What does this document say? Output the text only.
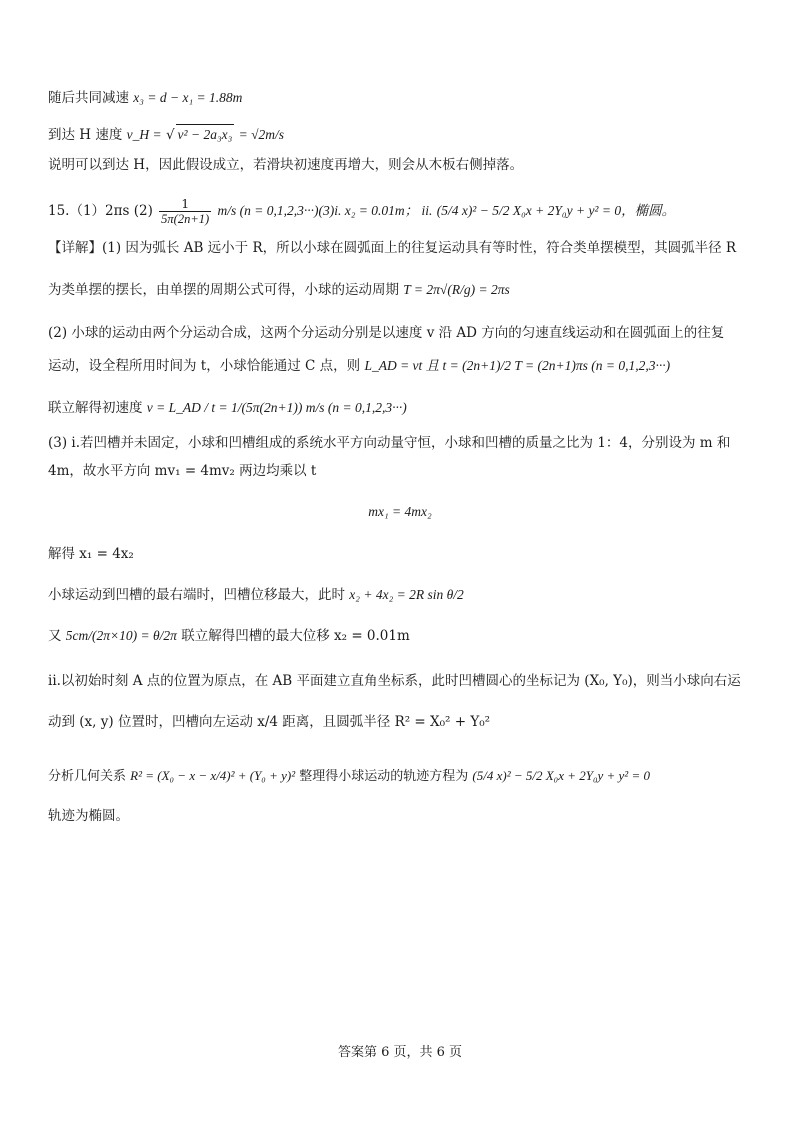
随后共同减速 x₃ = d − x₁ = 1.88m
到达 H 速度 v_H = √ v² − 2a₃x₃ = √2m/s
说明可以到达 H，因此假设成立，若滑块初速度再增大，则会从木板右侧掉落。
15.（1）2πs $(2) \frac{1}{5\pi(2n+1)} m/s$ (n = 0,1,2,3···)(3)i. x₂ = 0.01m； ii. (5/4 x)² − 5/2 X₀x + 2Y₀y + y² = 0，椭圆。
【详解】(1) 因为弧长 AB 远小于 R，所以小球在圆弧面上的往复运动具有等时性，符合类单摆模型，其圆弧半径 R
为类单摆的摆长，由单摆的周期公式可得，小球的运动周期 T = 2π√(R/g) = 2πs
(2) 小球的运动由两个分运动合成，这两个分运动分别是以速度 v 沿 AD 方向的匀速直线运动和在圆弧面上的往复
运动，设全程所用时间为 t，小球恰能通过 C 点，则 L_AD = vt 且 t = (2n+1)/2 T = (2n+1)πs (n = 0,1,2,3···)
联立解得初速度 v = L_AD / t = 1/(5π(2n+1)) m/s (n = 0,1,2,3···)
(3) i.若凹槽并未固定，小球和凹槽组成的系统水平方向动量守恒，小球和凹槽的质量之比为 1：4，分别设为 m 和
4m，故水平方向 mv₁ = 4mv₂ 两边均乘以 t
mx₁ = 4mx₂
解得 x₁ = 4x₂
小球运动到凹槽的最右端时，凹槽位移最大，此时 x₂ + 4x₂ = 2R sin θ/2
又 5cm/(2π×10) = θ/2π 联立解得凹槽的最大位移 x₂ = 0.01m
ii.以初始时刻 A 点的位置为原点，在 AB 平面建立直角坐标系，此时凹槽圆心的坐标记为 (X₀, Y₀)，则当小球向右运
动到 (x, y) 位置时，凹槽向左运动 x/4 距离，且圆弧半径 R² = X₀² + Y₀²
分析几何关系 R² = (X₀ − x − x/4)² + (Y₀ + y)² 整理得小球运动的轨迹方程为 (5/4 x)² − 5/2 X₀x + 2Y₀y + y² = 0
轨迹为椭圆。
答案第 6 页，共 6 页
